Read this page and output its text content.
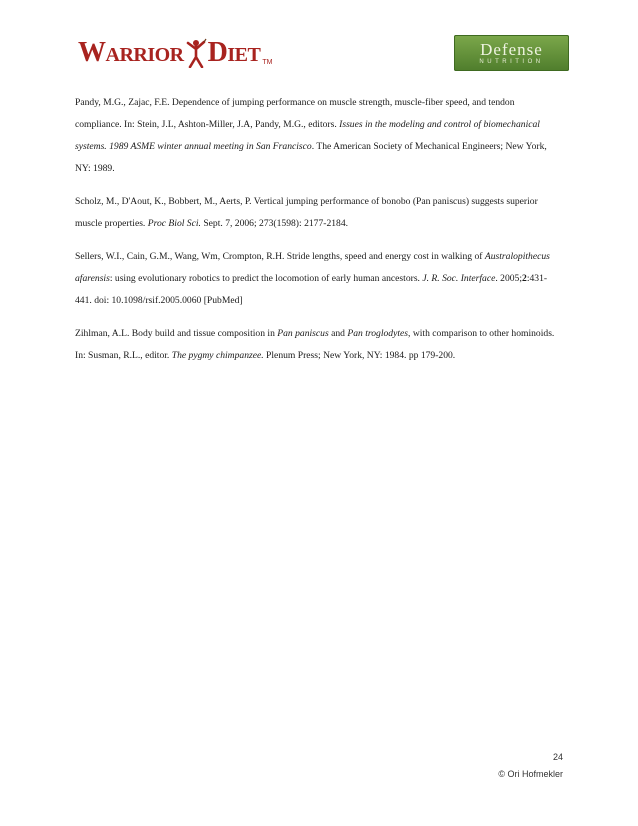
Warrior Diet TM
Defense
NUTRITION

Pandy, M.G., Zajac, F.E. Dependence of jumping performance on muscle strength, muscle-fiber speed, and tendon compliance. In: Stein, J.L, Ashton-Miller, J.A, Pandy, M.G., editors. Issues in the modeling and control of biomechanical systems. 1989 ASME winter annual meeting in San Francisco. The American Society of Mechanical Engineers; New York, NY: 1989.

Scholz, M., D'Aout, K., Bobbert, M., Aerts, P. Vertical jumping performance of bonobo (Pan paniscus) suggests superior muscle properties. Proc Biol Sci. Sept. 7, 2006; 273(1598): 2177-2184.

Sellers, W.I., Cain, G.M., Wang, Wm, Crompton, R.H. Stride lengths, speed and energy cost in walking of Australopithecus afarensis: using evolutionary robotics to predict the locomotion of early human ancestors. J. R. Soc. Interface. 2005;2:431-441. doi: 10.1098/rsif.2005.0060 [PubMed]

Zihlman, A.L. Body build and tissue composition in Pan paniscus and Pan troglodytes, with comparison to other hominoids. In: Susman, R.L., editor. The pygmy chimpanzee. Plenum Press; New York, NY: 1984. pp 179-200.

24
© Ori Hofmekler
